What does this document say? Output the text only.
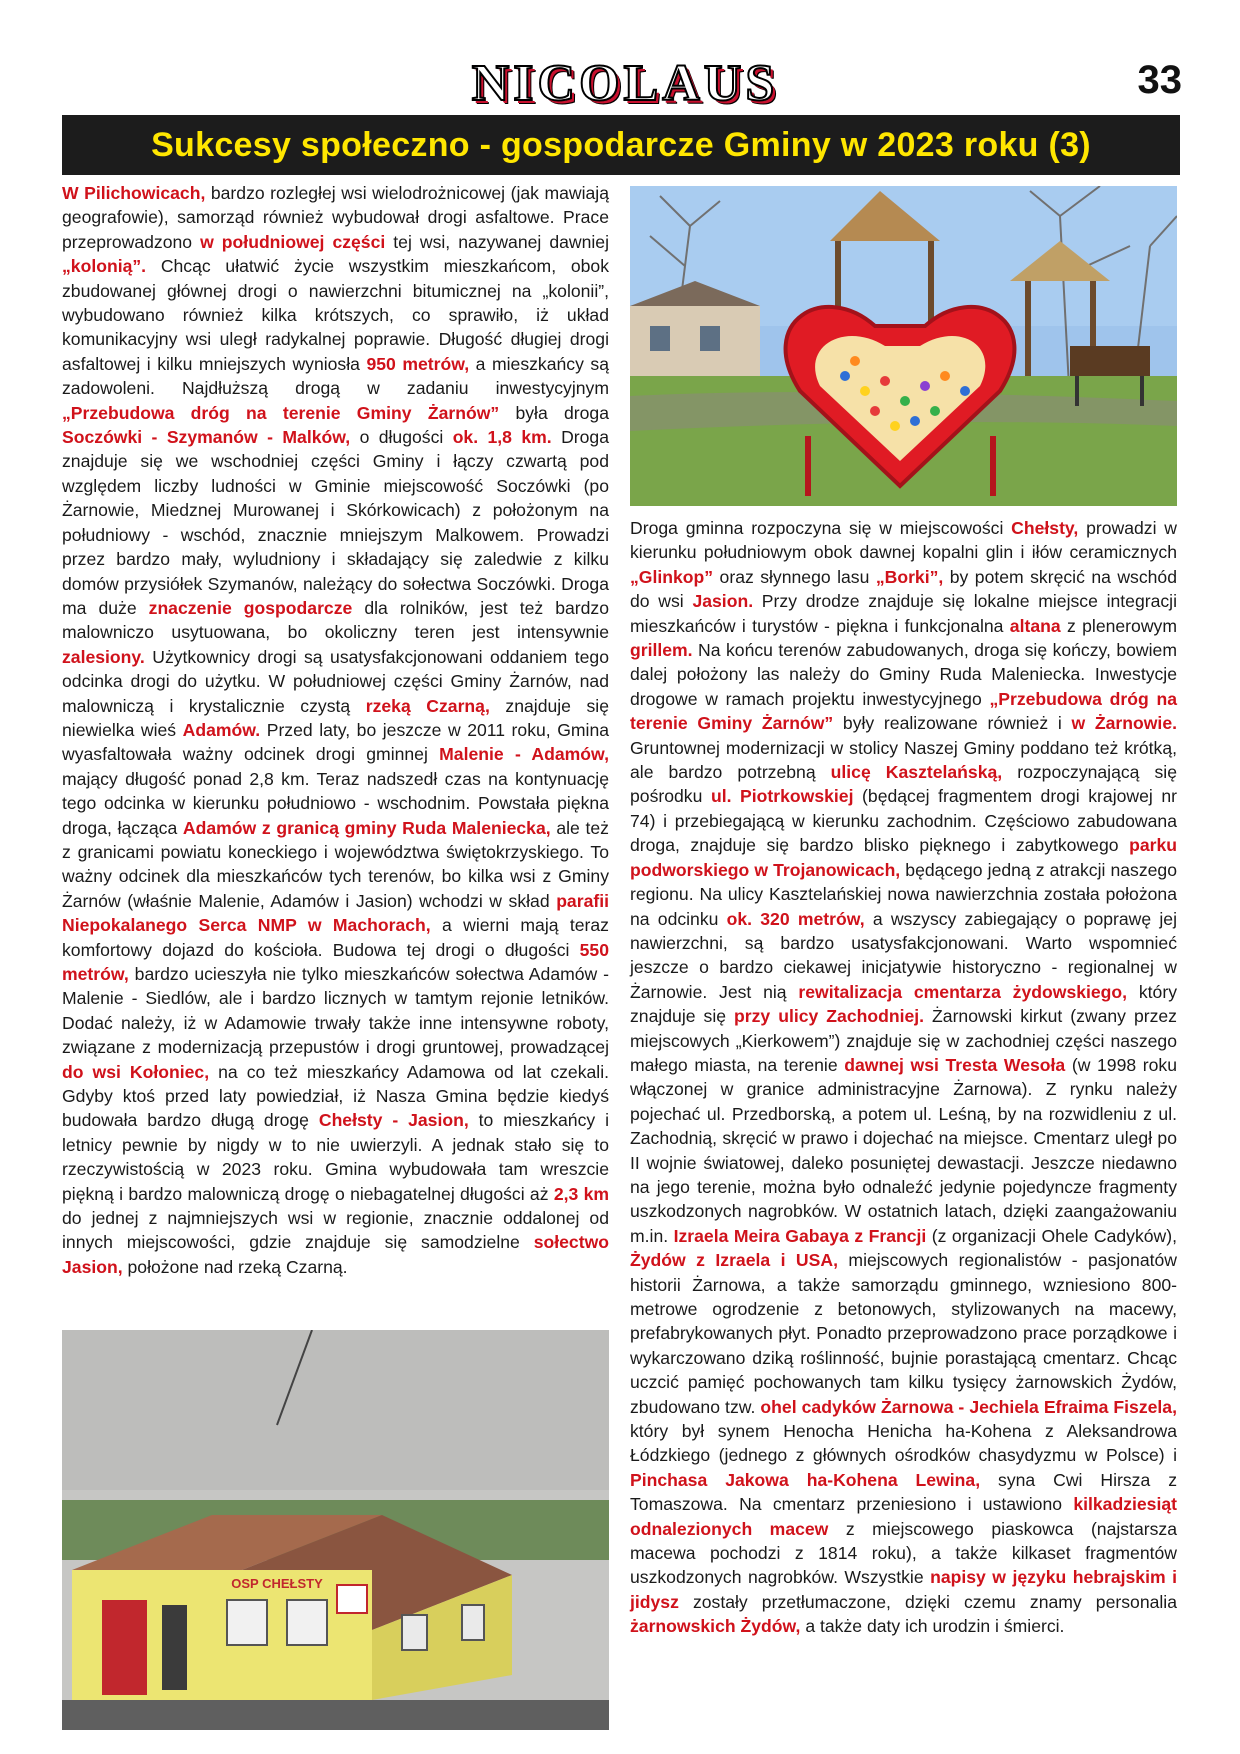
NICOLAUS	33
Sukcesy społeczno - gospodarcze Gminy w 2023 roku (3)

W Pilichowicach, bardzo rozległej wsi wielodrożnicowej (jak mawiają geografowie), samorząd również wybudował drogi asfaltowe. Prace przeprowadzono w południowej części tej wsi, nazywanej dawniej „kolonią”. Chcąc ułatwić życie wszystkim mieszkańcom, obok zbudowanej głównej drogi o nawierzchni bitumicznej na „kolonii”, wybudowano również kilka krótszych, co sprawiło, iż układ komunikacyjny wsi uległ radykalnej poprawie. Długość długiej drogi asfaltowej i kilku mniejszych wyniosła 950 metrów, a mieszkańcy są zadowoleni. Najdłuższą drogą w zadaniu inwestycyjnym „Przebudowa dróg na terenie Gminy Żarnów” była droga Soczówki - Szymanów - Malków, o długości ok. 1,8 km. Droga znajduje się we wschodniej części Gminy i łączy czwartą pod względem liczby ludności w Gminie miejscowość Soczówki (po Żarnowie, Miedznej Murowanej i Skórkowicach) z położonym na południowy - wschód, znacznie mniejszym Malkowem. Prowadzi przez bardzo mały, wyludniony i składający się zaledwie z kilku domów przysiółek Szymanów, należący do sołectwa Soczówki. Droga ma duże znaczenie gospodarcze dla rolników, jest też bardzo malowniczo usytuowana, bo okoliczny teren jest intensywnie zalesiony. Użytkownicy drogi są usatysfakcjonowani oddaniem tego odcinka drogi do użytku. W południowej części Gminy Żarnów, nad malowniczą i krystalicznie czystą rzeką Czarną, znajduje się niewielka wieś Adamów. Przed laty, bo jeszcze w 2011 roku, Gmina wyasfaltowała ważny odcinek drogi gminnej Malenie - Adamów, mający długość ponad 2,8 km. Teraz nadszedł czas na kontynuację tego odcinka w kierunku południowo - wschodnim. Powstała piękna droga, łącząca Adamów z granicą gminy Ruda Maleniecka, ale też z granicami powiatu koneckiego i województwa świętokrzyskiego. To ważny odcinek dla mieszkańców tych terenów, bo kilka wsi z Gminy Żarnów (właśnie Malenie, Adamów i Jasion) wchodzi w skład parafii Niepokalanego Serca NMP w Machorach, a wierni mają teraz komfortowy dojazd do kościoła. Budowa tej drogi o długości 550 metrów, bardzo ucieszyła nie tylko mieszkańców sołectwa Adamów - Malenie - Siedlów, ale i bardzo licznych w tamtym rejonie letników. Dodać należy, iż w Adamowie trwały także inne intensywne roboty, związane z modernizacją przepustów i drogi gruntowej, prowadzącej do wsi Kołoniec, na co też mieszkańcy Adamowa od lat czekali. Gdyby ktoś przed laty powiedział, iż Nasza Gmina będzie kiedyś budowała bardzo długą drogę Chełsty - Jasion, to mieszkańcy i letnicy pewnie by nigdy w to nie uwierzyli. A jednak stało się to rzeczywistością w 2023 roku. Gmina wybudowała tam wreszcie piękną i bardzo malowniczą drogę o niebagatelnej długości aż 2,3 km do jednej z najmniejszych wsi w regionie, znacznie oddalonej od innych miejscowości, gdzie znajduje się samodzielne sołectwo Jasion, położone nad rzeką Czarną.

Droga gminna rozpoczyna się w miejscowości Chełsty, prowadzi w kierunku południowym obok dawnej kopalni glin i iłów ceramicznych „Glinkop” oraz słynnego lasu „Borki”, by potem skręcić na wschód do wsi Jasion. Przy drodze znajduje się lokalne miejsce integracji mieszkańców i turystów - piękna i funkcjonalna altana z plenerowym grillem. Na końcu terenów zabudowanych, droga się kończy, bowiem dalej położony las należy do Gminy Ruda Maleniecka. Inwestycje drogowe w ramach projektu inwestycyjnego „Przebudowa dróg na terenie Gminy Żarnów” były realizowane również i w Żarnowie. Gruntownej modernizacji w stolicy Naszej Gminy poddano też krótką, ale bardzo potrzebną ulicę Kasztelańską, rozpoczynającą się pośrodku ul. Piotrkowskiej (będącej fragmentem drogi krajowej nr 74) i przebiegającą w kierunku zachodnim. Częściowo zabudowana droga, znajduje się bardzo blisko pięknego i zabytkowego parku podworskiego w Trojanowicach, będącego jedną z atrakcji naszego regionu. Na ulicy Kasztelańskiej nowa nawierzchnia została położona na odcinku ok. 320 metrów, a wszyscy zabiegający o poprawę jej nawierzchni, są bardzo usatysfakcjonowani. Warto wspomnieć jeszcze o bardzo ciekawej inicjatywie historyczno - regionalnej w Żarnowie. Jest nią rewitalizacja cmentarza żydowskiego, który znajduje się przy ulicy Zachodniej. Żarnowski kirkut (zwany przez miejscowych „Kierkowem”) znajduje się w zachodniej części naszego małego miasta, na terenie dawnej wsi Tresta Wesoła (w 1998 roku włączonej w granice administracyjne Żarnowa). Z rynku należy pojechać ul. Przedborską, a potem ul. Leśną, by na rozwidleniu z ul. Zachodnią, skręcić w prawo i dojechać na miejsce. Cmentarz uległ po II wojnie światowej, daleko posuniętej dewastacji. Jeszcze niedawno na jego terenie, można było odnaleźć jedynie pojedyncze fragmenty uszkodzonych nagrobków. W ostatnich latach, dzięki zaangażowaniu m.in. Izraela Meira Gabaya z Francji (z organizacji Ohele Cadyków), Żydów z Izraela i USA, miejscowych regionalistów - pasjonatów historii Żarnowa, a także samorządu gminnego, wzniesiono 800-metrowe ogrodzenie z betonowych, stylizowanych na macewy, prefabrykowanych płyt. Ponadto przeprowadzono prace porządkowe i wykarczowano dziką roślinność, bujnie porastającą cmentarz. Chcąc uczcić pamięć pochowanych tam kilku tysięcy żarnowskich Żydów, zbudowano tzw. ohel cadyków Żarnowa - Jechiela Efraima Fiszela, który był synem Henocha Henicha ha-Kohena z Aleksandrowa Łódzkiego (jednego z głównych ośrodków chasydyzmu w Polsce) i Pinchasa Jakowa ha-Kohena Lewina, syna Cwi Hirsza z Tomaszowa. Na cmentarz przeniesiono i ustawiono kilkadziesiąt odnalezionych macew z miejscowego piaskowca (najstarsza macewa pochodzi z 1814 roku), a także kilkaset fragmentów uszkodzonych nagrobków. Wszystkie napisy w języku hebrajskim i jidysz zostały przetłumaczone, dzięki czemu znamy personalia żarnowskich Żydów, a także daty ich urodzin i śmierci.

OSP CHEŁSTY
